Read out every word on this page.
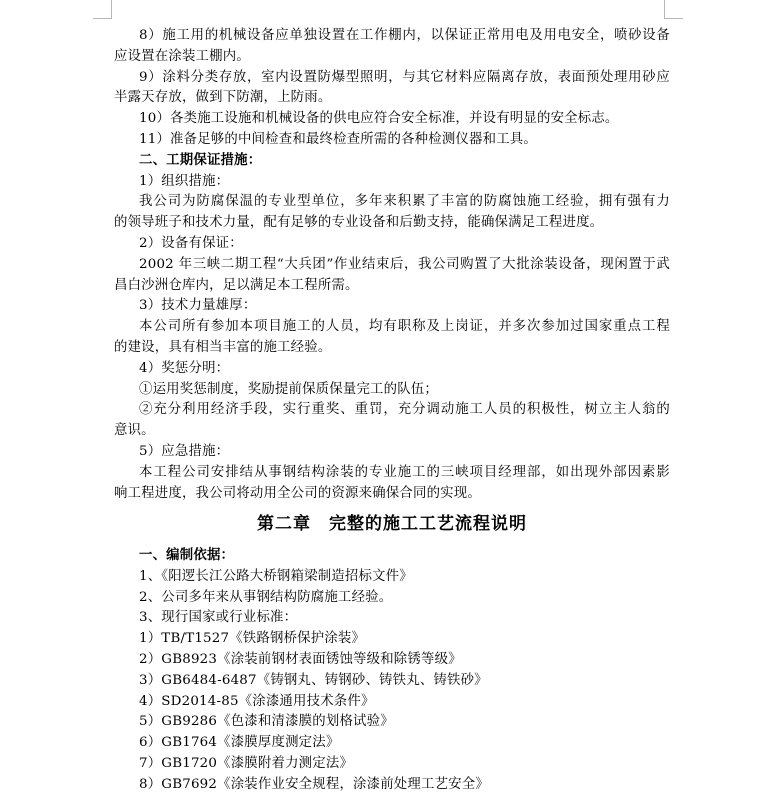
8）施工用的机械设备应单独设置在工作棚内，以保证正常用电及用电安全，喷砂设备
应设置在涂装工棚内。
9）涂料分类存放，室内设置防爆型照明，与其它材料应隔离存放，表面预处理用砂应
半露天存放，做到下防潮，上防雨。
10）各类施工设施和机械设备的供电应符合安全标准，并设有明显的安全标志。
11）准备足够的中间检查和最终检查所需的各种检测仪器和工具。
二、工期保证措施：
1）组织措施：
我公司为防腐保温的专业型单位，多年来积累了丰富的防腐蚀施工经验，拥有强有力
的领导班子和技术力量，配有足够的专业设备和后勤支持，能确保满足工程进度。
2）设备有保证：
2002 年三峡二期工程“大兵团”作业结束后，我公司购置了大批涂装设备，现闲置于武
昌白沙洲仓库内，足以满足本工程所需。
3）技术力量雄厚：
本公司所有参加本项目施工的人员，均有职称及上岗证，并多次参加过国家重点工程
的建设，具有相当丰富的施工经验。
4）奖惩分明：
①运用奖惩制度，奖励提前保质保量完工的队伍；
②充分利用经济手段，实行重奖、重罚，充分调动施工人员的积极性，树立主人翁的
意识。
5）应急措施：
本工程公司安排结从事钢结构涂装的专业施工的三峡项目经理部，如出现外部因素影
响工程进度，我公司将动用全公司的资源来确保合同的实现。
第二章　完整的施工工艺流程说明
一、编制依据：
1、《阳逻长江公路大桥钢箱梁制造招标文件》
2、公司多年来从事钢结构防腐施工经验。
3、现行国家或行业标准：
1）TB/T1527《铁路钢桥保护涂装》
2）GB8923《涂装前钢材表面锈蚀等级和除锈等级》
3）GB6484-6487《铸钢丸、铸钢砂、铸铁丸、铸铁砂》
4）SD2014-85《涂漆通用技术条件》
5）GB9286《色漆和清漆膜的划格试验》
6）GB1764《漆膜厚度测定法》
7）GB1720《漆膜附着力测定法》
8）GB7692《涂装作业安全规程，涂漆前处理工艺安全》
